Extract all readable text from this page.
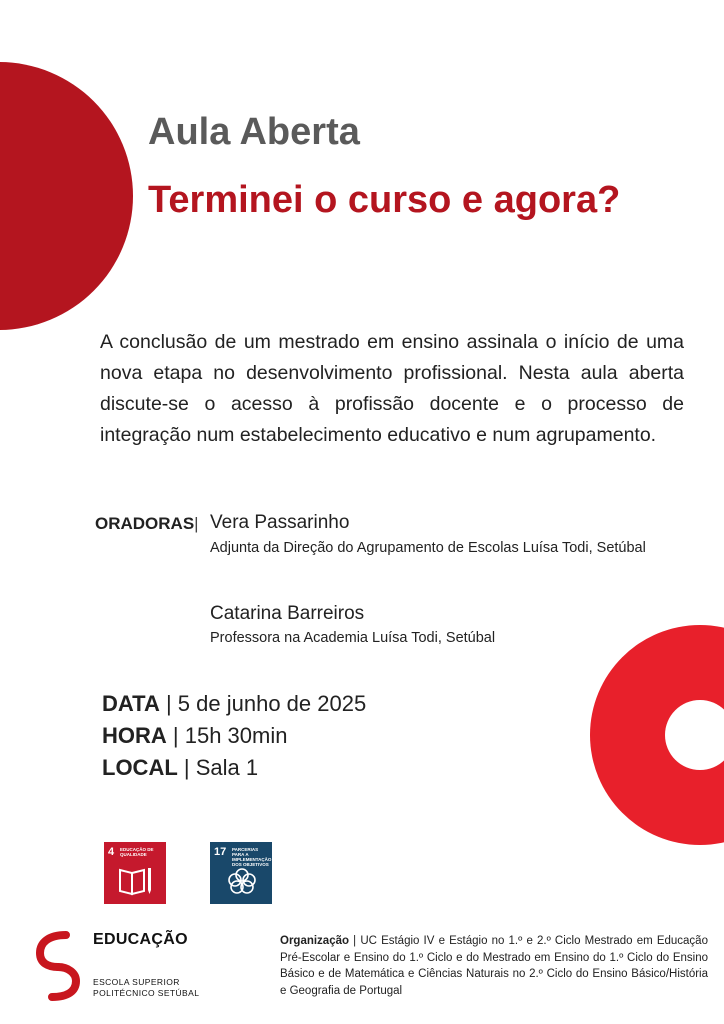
Aula Aberta
Terminei o curso e agora?

A conclusão de um mestrado em ensino assinala o início de uma nova etapa no desenvolvimento profissional. Nesta aula aberta discute-se o acesso à profissão docente e o processo de integração num estabelecimento educativo e num agrupamento.

ORADORAS| Vera Passarinho
Adjunta da Direção do Agrupamento de Escolas Luísa Todi, Setúbal
Catarina Barreiros
Professora na Academia Luísa Todi, Setúbal
DATA | 5 de junho de 2025
HORA | 15h 30min
LOCAL | Sala 1
4 EDUCAÇÃO DE QUALIDADE	17 PARCERIAS PARA A IMPLEMENTAÇÃO DOS OBJETIVOS
EDUCAÇÃO
ESCOLA SUPERIOR
POLITÉCNICO SETÚBAL

Organização | UC Estágio IV e Estágio no 1.º e 2.º Ciclo Mestrado em Educação Pré-Escolar e Ensino do 1.º Ciclo e do Mestrado em Ensino do 1.º Ciclo do Ensino Básico e de Matemática e Ciências Naturais no 2.º Ciclo do Ensino Básico/História e Geografia de Portugal
